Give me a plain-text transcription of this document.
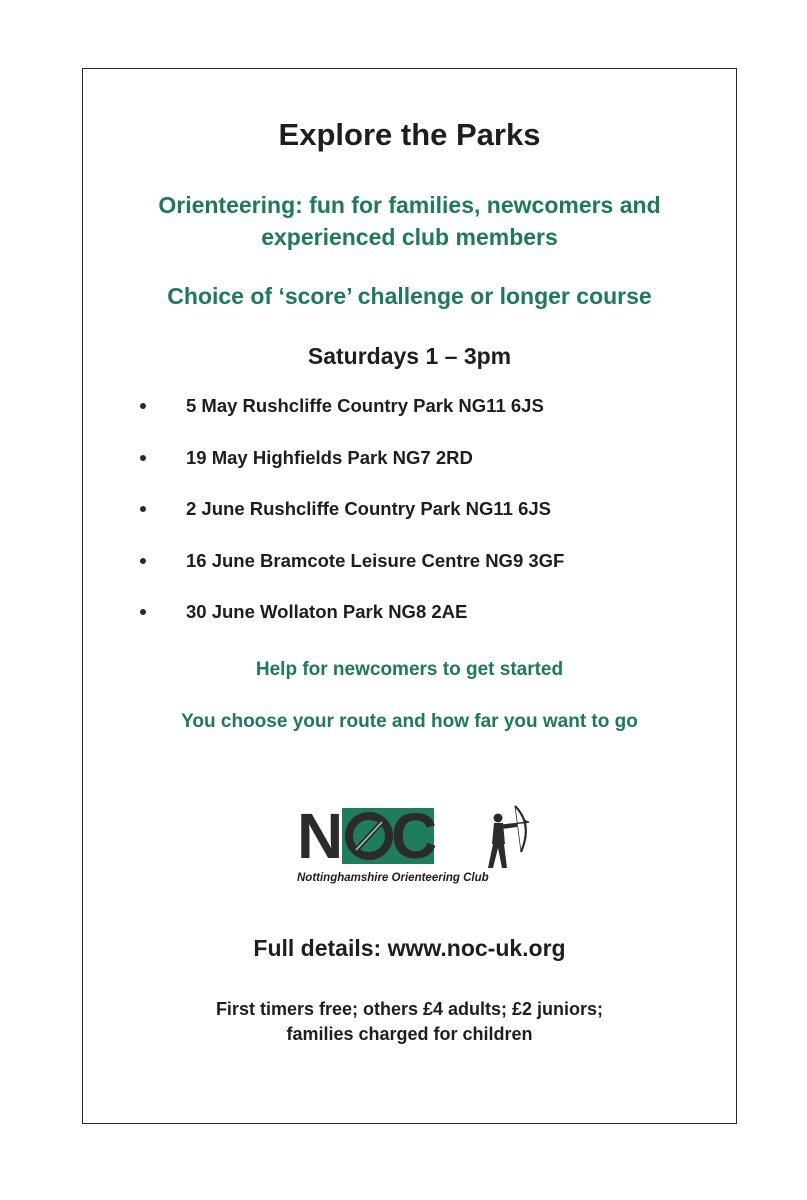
Explore the Parks
Orienteering: fun for families, newcomers and
experienced club members
Choice of ‘score’ challenge or longer course
Saturdays 1 – 3pm
5 May Rushcliffe Country Park NG11 6JS
19 May Highfields Park NG7 2RD
2 June Rushcliffe Country Park NG11 6JS
16 June Bramcote Leisure Centre NG9 3GF
30 June Wollaton Park NG8 2AE
Help for newcomers to get started
You choose your route and how far you want to go
N C
Nottinghamshire Orienteering Club
Full details: www.noc-uk.org
First timers free; others £4 adults; £2 juniors;
families charged for children
